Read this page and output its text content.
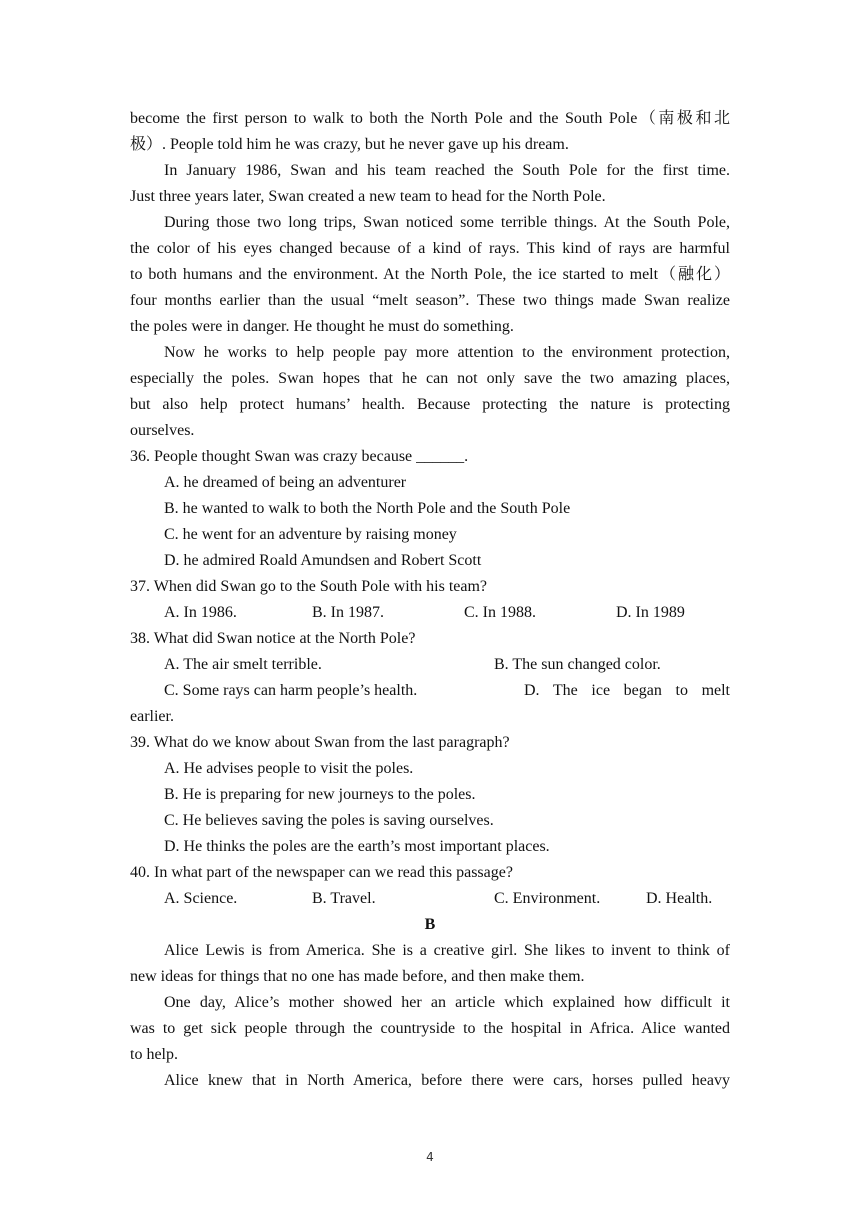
become the first person to walk to both the North Pole and the South Pole（南极和北
极）. People told him he was crazy, but he never gave up his dream.
In January 1986, Swan and his team reached the South Pole for the first time.
Just three years later, Swan created a new team to head for the North Pole.
During those two long trips, Swan noticed some terrible things. At the South Pole,
the color of his eyes changed because of a kind of rays. This kind of rays are harmful
to both humans and the environment. At the North Pole, the ice started to melt（融化）
four months earlier than the usual “melt season”. These two things made Swan realize
the poles were in danger. He thought he must do something.
Now he works to help people pay more attention to the environment protection,
especially the poles. Swan hopes that he can not only save the two amazing places,
but also help protect humans’ health. Because protecting the nature is protecting
ourselves.
36. People thought Swan was crazy because ______.
A. he dreamed of being an adventurer
B. he wanted to walk to both the North Pole and the South Pole
C. he went for an adventure by raising money
D. he admired Roald Amundsen and Robert Scott
37. When did Swan go to the South Pole with his team?
A. In 1986.	B. In 1987.	C. In 1988.	D. In 1989
38. What did Swan notice at the North Pole?
A. The air smelt terrible.	B. The sun changed color.
C. Some rays can harm people’s health.	D. The ice began to melt
earlier.
39. What do we know about Swan from the last paragraph?
A. He advises people to visit the poles.
B. He is preparing for new journeys to the poles.
C. He believes saving the poles is saving ourselves.
D. He thinks the poles are the earth’s most important places.
40. In what part of the newspaper can we read this passage?
A. Science.	B. Travel.	C. Environment.	D. Health.
B
Alice Lewis is from America. She is a creative girl. She likes to invent to think of
new ideas for things that no one has made before, and then make them.
One day, Alice’s mother showed her an article which explained how difficult it
was to get sick people through the countryside to the hospital in Africa. Alice wanted
to help.
Alice knew that in North America, before there were cars, horses pulled heavy
4
